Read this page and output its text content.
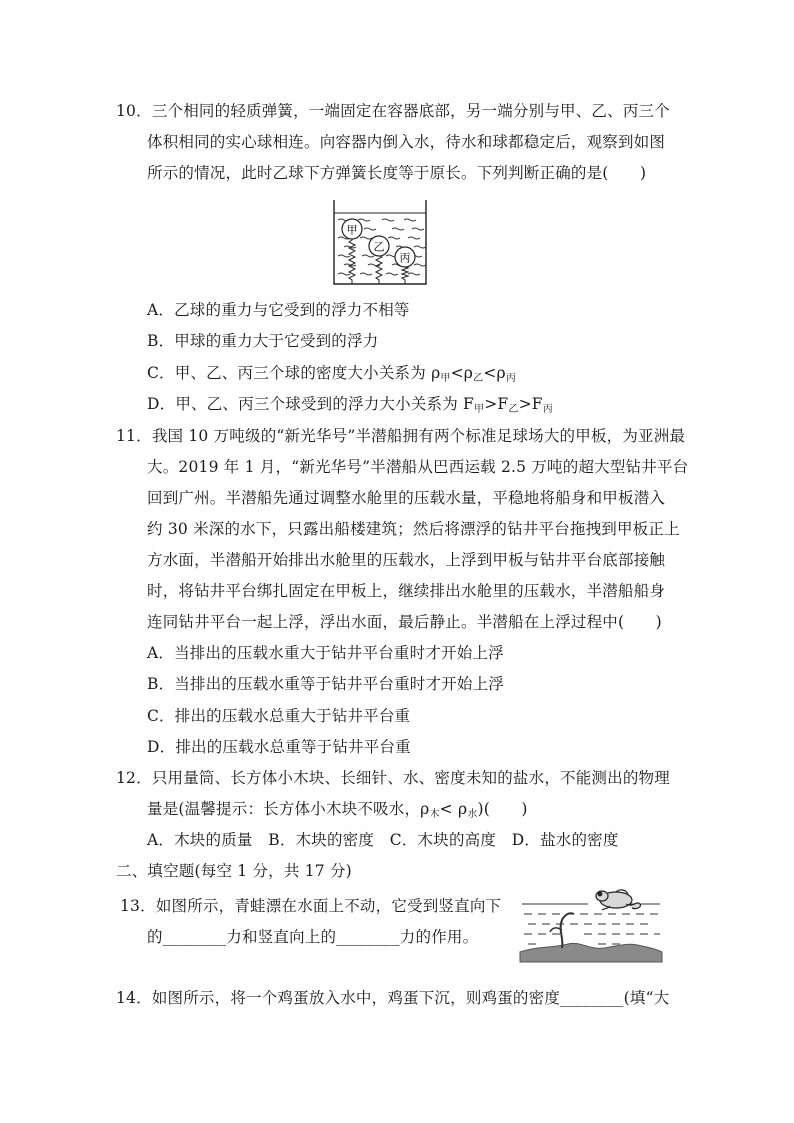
10．三个相同的轻质弹簧，一端固定在容器底部，另一端分别与甲、乙、丙三个
体积相同的实心球相连。向容器内倒入水，待水和球都稳定后，观察到如图
所示的情况，此时乙球下方弹簧长度等于原长。下列判断正确的是(　　)
甲
乙
丙
A．乙球的重力与它受到的浮力不相等
B．甲球的重力大于它受到的浮力
C．甲、乙、丙三个球的密度大小关系为 $\rho_甲<\rho_乙<\rho_丙$
D．甲、乙、丙三个球受到的浮力大小关系为 $F_甲>F_乙>F_丙$
11．我国 10 万吨级的“新光华号”半潜船拥有两个标准足球场大的甲板，为亚洲最
大。2019 年 1 月，“新光华号”半潜船从巴西运载 2.5 万吨的超大型钻井平台
回到广州。半潜船先通过调整水舱里的压载水量，平稳地将船身和甲板潜入
约 30 米深的水下，只露出船楼建筑；然后将漂浮的钻井平台拖拽到甲板正上
方水面，半潜船开始排出水舱里的压载水，上浮到甲板与钻井平台底部接触
时，将钻井平台绑扎固定在甲板上，继续排出水舱里的压载水，半潜船船身
连同钻井平台一起上浮，浮出水面，最后静止。半潜船在上浮过程中(　　)
A．当排出的压载水重大于钻井平台重时才开始上浮
B．当排出的压载水重等于钻井平台重时才开始上浮
C．排出的压载水总重大于钻井平台重
D．排出的压载水总重等于钻井平台重
12．只用量筒、长方体小木块、长细针、水、密度未知的盐水，不能测出的物理
量是(温馨提示：长方体小木块不吸水，$\rho_木< \rho_水$)(　　)
A．木块的质量　B．木块的密度　C．木块的高度　D．盐水的密度
二、填空题(每空 1 分，共 17 分)
13．如图所示，青蛙漂在水面上不动，它受到竖直向下
的________力和竖直向上的________力的作用。
14．如图所示，将一个鸡蛋放入水中，鸡蛋下沉，则鸡蛋的密度________(填“大
